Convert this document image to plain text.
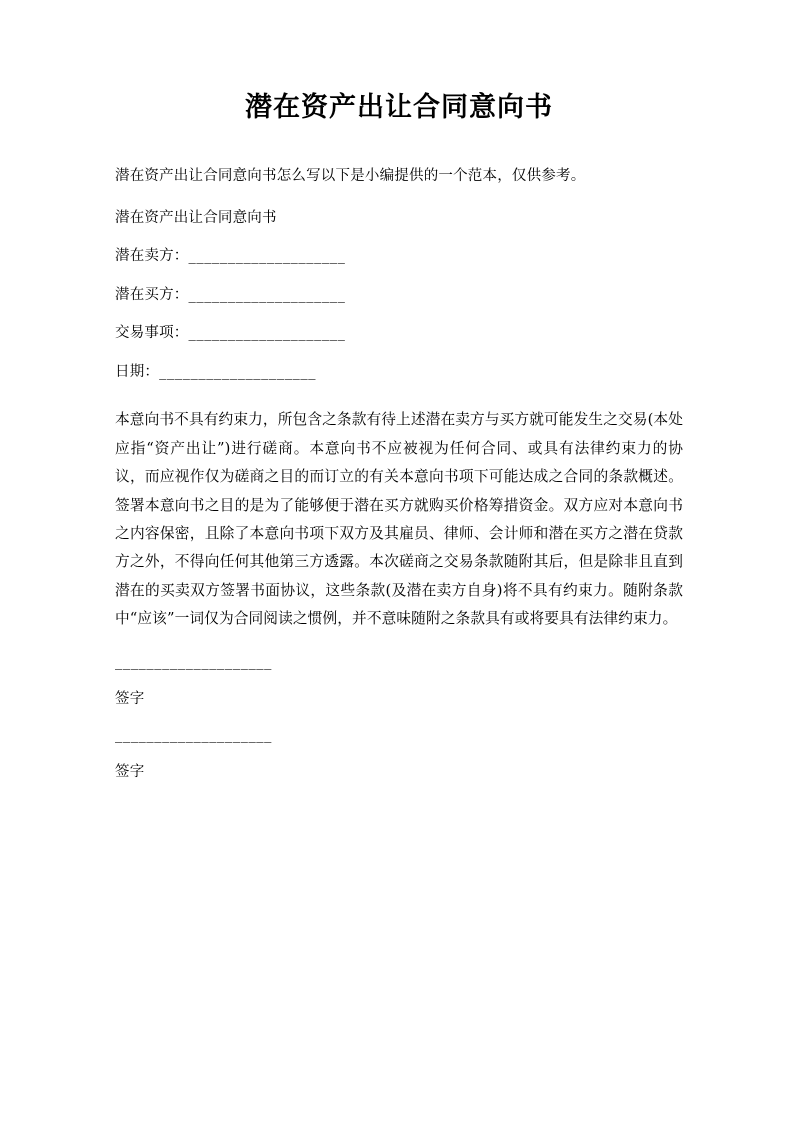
潜在资产出让合同意向书

潜在资产出让合同意向书怎么写以下是小编提供的一个范本，仅供参考。

潜在资产出让合同意向书

潜在卖方：____________________
潜在买方：____________________
交易事项：____________________
日期：____________________

本意向书不具有约束力，所包含之条款有待上述潜在卖方与买方就可能发生之交易(本处应指“资产出让”)进行磋商。本意向书不应被视为任何合同、或具有法律约束力的协议，而应视作仅为磋商之目的而订立的有关本意向书项下可能达成之合同的条款概述。签署本意向书之目的是为了能够便于潜在买方就购买价格筹措资金。双方应对本意向书之内容保密，且除了本意向书项下双方及其雇员、律师、会计师和潜在买方之潜在贷款方之外，不得向任何其他第三方透露。本次磋商之交易条款随附其后，但是除非且直到潜在的买卖双方签署书面协议，这些条款(及潜在卖方自身)将不具有约束力。随附条款中“应该”一词仅为合同阅读之惯例，并不意味随附之条款具有或将要具有法律约束力。

____________________
签字
____________________
签字
